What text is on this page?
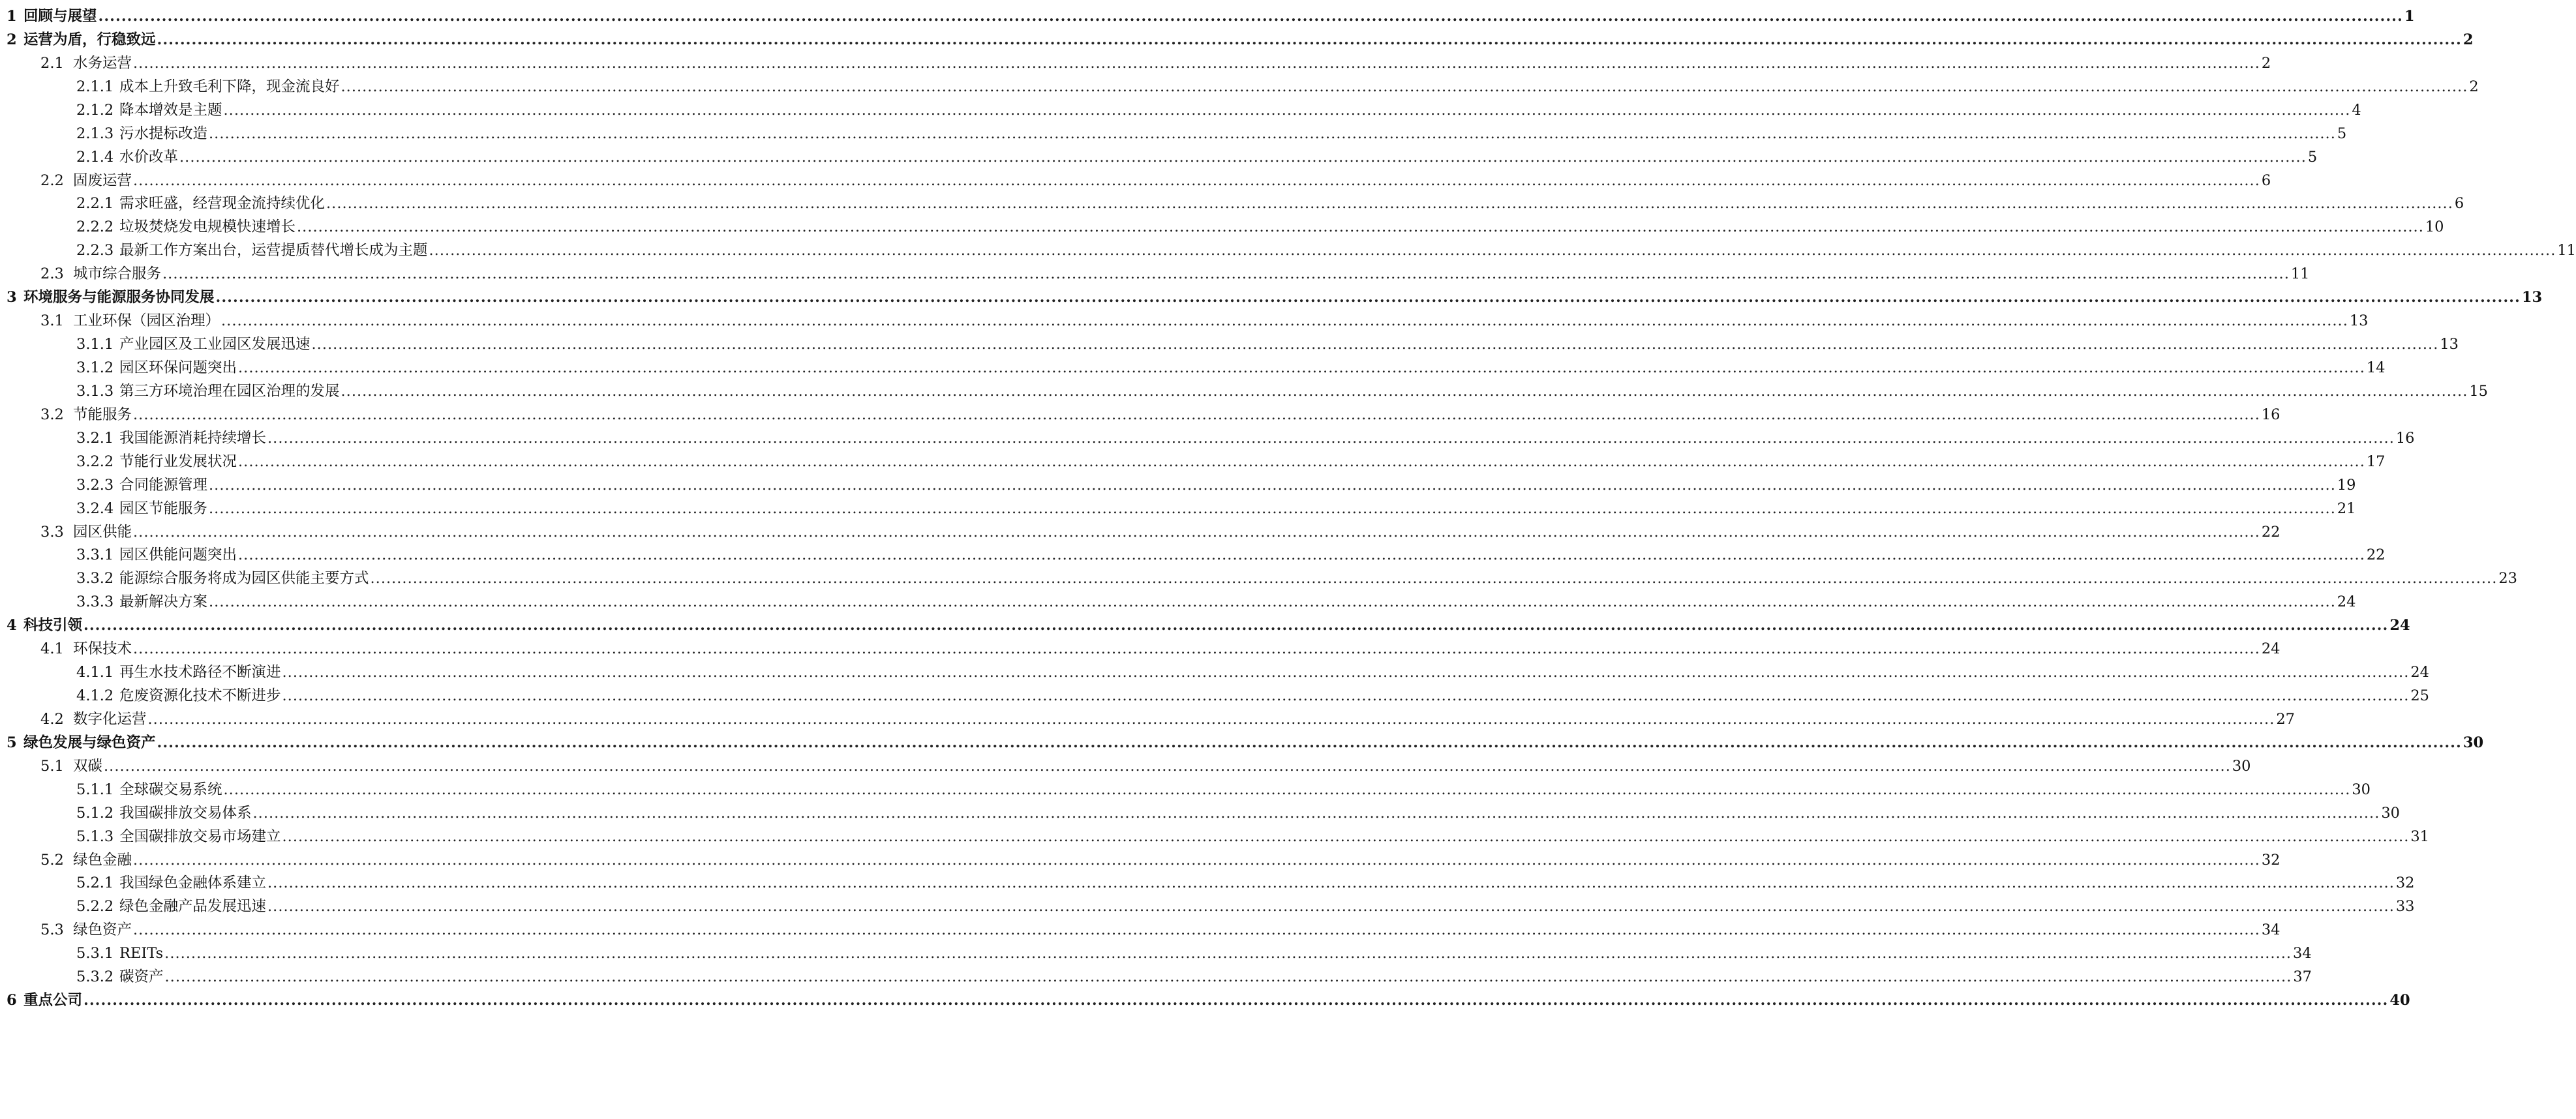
1 回顾与展望 ................................................................................................................................................................................................................................................................................................................................................................................................................ 1
2 运营为盾，行稳致远 ................................................................................................................................................................................................................................................................................................................................................................................................................ 2
2.1 水务运营 ................................................................................................................................................................................................................................................................................................................................................................................................................ 2
2.1.1 成本上升致毛利下降，现金流良好 ................................................................................................................................................................................................................................................................................................................................................................................................................ 2
2.1.2 降本增效是主题 ................................................................................................................................................................................................................................................................................................................................................................................................................ 4
2.1.3 污水提标改造 ................................................................................................................................................................................................................................................................................................................................................................................................................ 5
2.1.4 水价改革 ................................................................................................................................................................................................................................................................................................................................................................................................................ 5
2.2 固废运营 ................................................................................................................................................................................................................................................................................................................................................................................................................ 6
2.2.1 需求旺盛，经营现金流持续优化 ................................................................................................................................................................................................................................................................................................................................................................................................................ 6
2.2.2 垃圾焚烧发电规模快速增长 ................................................................................................................................................................................................................................................................................................................................................................................................................ 10
2.2.3 最新工作方案出台，运营提质替代增长成为主题 ................................................................................................................................................................................................................................................................................................................................................................................................................ 11
2.3 城市综合服务 ................................................................................................................................................................................................................................................................................................................................................................................................................ 11
3 环境服务与能源服务协同发展 ................................................................................................................................................................................................................................................................................................................................................................................................................ 13
3.1 工业环保（园区治理） ................................................................................................................................................................................................................................................................................................................................................................................................................ 13
3.1.1 产业园区及工业园区发展迅速 ................................................................................................................................................................................................................................................................................................................................................................................................................ 13
3.1.2 园区环保问题突出 ................................................................................................................................................................................................................................................................................................................................................................................................................ 14
3.1.3 第三方环境治理在园区治理的发展 ................................................................................................................................................................................................................................................................................................................................................................................................................ 15
3.2 节能服务 ................................................................................................................................................................................................................................................................................................................................................................................................................ 16
3.2.1 我国能源消耗持续增长 ................................................................................................................................................................................................................................................................................................................................................................................................................ 16
3.2.2 节能行业发展状况 ................................................................................................................................................................................................................................................................................................................................................................................................................ 17
3.2.3 合同能源管理 ................................................................................................................................................................................................................................................................................................................................................................................................................ 19
3.2.4 园区节能服务 ................................................................................................................................................................................................................................................................................................................................................................................................................ 21
3.3 园区供能 ................................................................................................................................................................................................................................................................................................................................................................................................................ 22
3.3.1 园区供能问题突出 ................................................................................................................................................................................................................................................................................................................................................................................................................ 22
3.3.2 能源综合服务将成为园区供能主要方式 ................................................................................................................................................................................................................................................................................................................................................................................................................ 23
3.3.3 最新解决方案 ................................................................................................................................................................................................................................................................................................................................................................................................................ 24
4 科技引领 ................................................................................................................................................................................................................................................................................................................................................................................................................ 24
4.1 环保技术 ................................................................................................................................................................................................................................................................................................................................................................................................................ 24
4.1.1 再生水技术路径不断演进 ................................................................................................................................................................................................................................................................................................................................................................................................................ 24
4.1.2 危废资源化技术不断进步 ................................................................................................................................................................................................................................................................................................................................................................................................................ 25
4.2 数字化运营 ................................................................................................................................................................................................................................................................................................................................................................................................................ 27
5 绿色发展与绿色资产 ................................................................................................................................................................................................................................................................................................................................................................................................................ 30
5.1 双碳 ................................................................................................................................................................................................................................................................................................................................................................................................................ 30
5.1.1 全球碳交易系统 ................................................................................................................................................................................................................................................................................................................................................................................................................ 30
5.1.2 我国碳排放交易体系 ................................................................................................................................................................................................................................................................................................................................................................................................................ 30
5.1.3 全国碳排放交易市场建立 ................................................................................................................................................................................................................................................................................................................................................................................................................ 31
5.2 绿色金融 ................................................................................................................................................................................................................................................................................................................................................................................................................ 32
5.2.1 我国绿色金融体系建立 ................................................................................................................................................................................................................................................................................................................................................................................................................ 32
5.2.2 绿色金融产品发展迅速 ................................................................................................................................................................................................................................................................................................................................................................................................................ 33
5.3 绿色资产 ................................................................................................................................................................................................................................................................................................................................................................................................................ 34
5.3.1 REITs ................................................................................................................................................................................................................................................................................................................................................................................................................ 34
5.3.2 碳资产 ................................................................................................................................................................................................................................................................................................................................................................................................................ 37
6 重点公司 ................................................................................................................................................................................................................................................................................................................................................................................................................ 40
